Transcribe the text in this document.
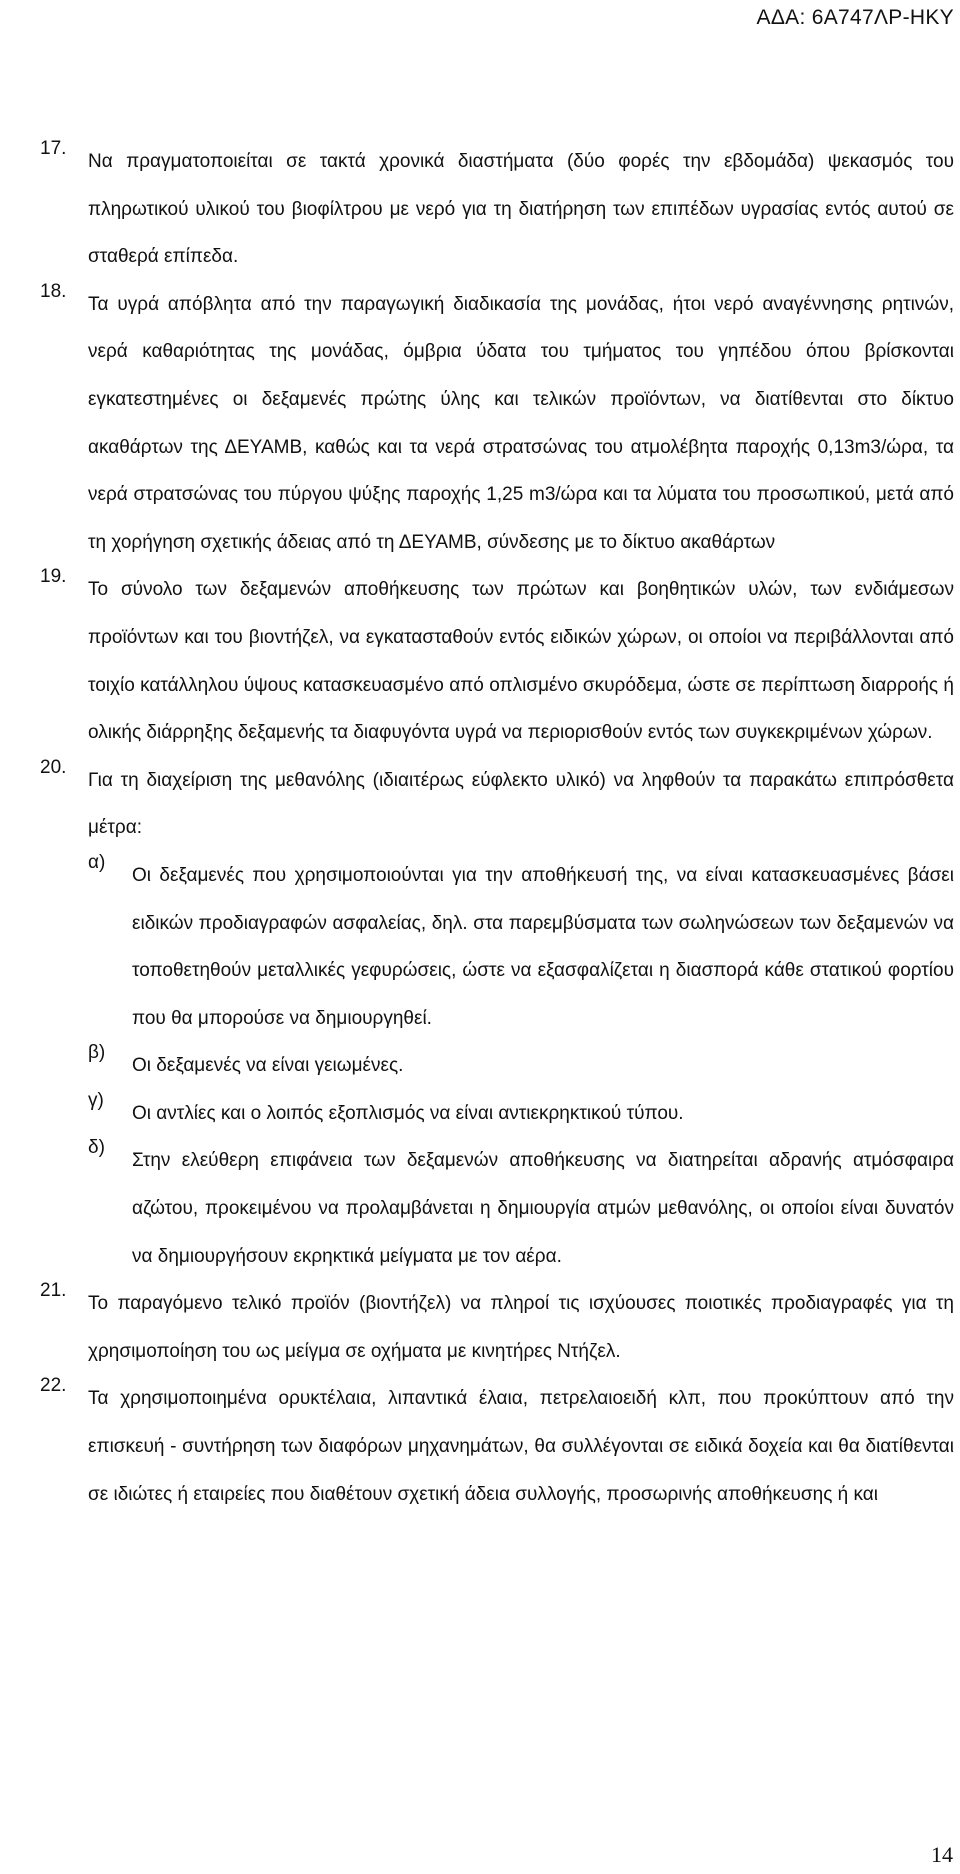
ΑΔΑ: 6Α747ΛΡ-ΗΚΥ
17.
Να πραγματοποιείται σε τακτά χρονικά διαστήματα (δύο φορές την εβδομάδα) ψεκασμός του πληρωτικού υλικού του βιοφίλτρου με νερό για τη διατήρηση των επιπέδων υγρασίας εντός αυτού σε σταθερά επίπεδα.
18.
Τα υγρά απόβλητα από την παραγωγική διαδικασία της μονάδας, ήτοι νερό αναγέννησης ρητινών, νερά καθαριότητας της μονάδας, όμβρια ύδατα του τμήματος του γηπέδου όπου βρίσκονται εγκατεστημένες οι δεξαμενές πρώτης ύλης και τελικών προϊόντων, να διατίθενται στο δίκτυο ακαθάρτων της ΔΕΥΑΜΒ, καθώς και τα νερά στρατσώνας του ατμολέβητα παροχής 0,13m3/ώρα, τα νερά στρατσώνας του πύργου ψύξης παροχής 1,25 m3/ώρα και τα λύματα του προσωπικού, μετά από τη χορήγηση σχετικής άδειας από τη ΔΕΥΑΜΒ, σύνδεσης με το δίκτυο ακαθάρτων
19.
Το σύνολο των δεξαμενών αποθήκευσης των πρώτων και βοηθητικών υλών, των ενδιάμεσων προϊόντων και του βιοντήζελ, να εγκατασταθούν εντός ειδικών χώρων, οι οποίοι να περιβάλλονται από τοιχίο κατάλληλου ύψους κατασκευασμένο από οπλισμένο σκυρόδεμα, ώστε σε περίπτωση διαρροής ή ολικής διάρρηξης δεξαμενής τα διαφυγόντα υγρά να περιορισθούν εντός των συγκεκριμένων χώρων.
20.
Για τη διαχείριση της μεθανόλης (ιδιαιτέρως εύφλεκτο υλικό) να ληφθούν τα παρακάτω επιπρόσθετα μέτρα:
α)
Οι δεξαμενές που χρησιμοποιούνται για την αποθήκευσή της, να είναι κατασκευασμένες βάσει ειδικών προδιαγραφών ασφαλείας, δηλ. στα παρεμβύσματα των σωληνώσεων των δεξαμενών να τοποθετηθούν μεταλλικές γεφυρώσεις, ώστε να εξασφαλίζεται η διασπορά κάθε στατικού φορτίου που θα μπορούσε να δημιουργηθεί.
β)
Οι δεξαμενές να είναι γειωμένες.
γ)
Οι αντλίες και ο λοιπός εξοπλισμός να είναι αντιεκρηκτικού τύπου.
δ)
Στην ελεύθερη επιφάνεια των δεξαμενών αποθήκευσης να διατηρείται αδρανής ατμόσφαιρα αζώτου, προκειμένου να προλαμβάνεται η δημιουργία ατμών μεθανόλης, οι οποίοι είναι δυνατόν να δημιουργήσουν εκρηκτικά μείγματα με τον αέρα.
21.
Το παραγόμενο τελικό προϊόν (βιοντήζελ) να πληροί τις ισχύουσες ποιοτικές προδιαγραφές για τη χρησιμοποίηση του ως μείγμα σε οχήματα με κινητήρες Ντήζελ.
22.
Τα χρησιμοποιημένα ορυκτέλαια, λιπαντικά έλαια, πετρελαιοειδή κλπ, που προκύπτουν από την επισκευή - συντήρηση των διαφόρων μηχανημάτων, θα συλλέγονται σε ειδικά δοχεία και θα διατίθενται σε ιδιώτες ή εταιρείες που διαθέτουν σχετική άδεια συλλογής, προσωρινής αποθήκευσης ή και
14
